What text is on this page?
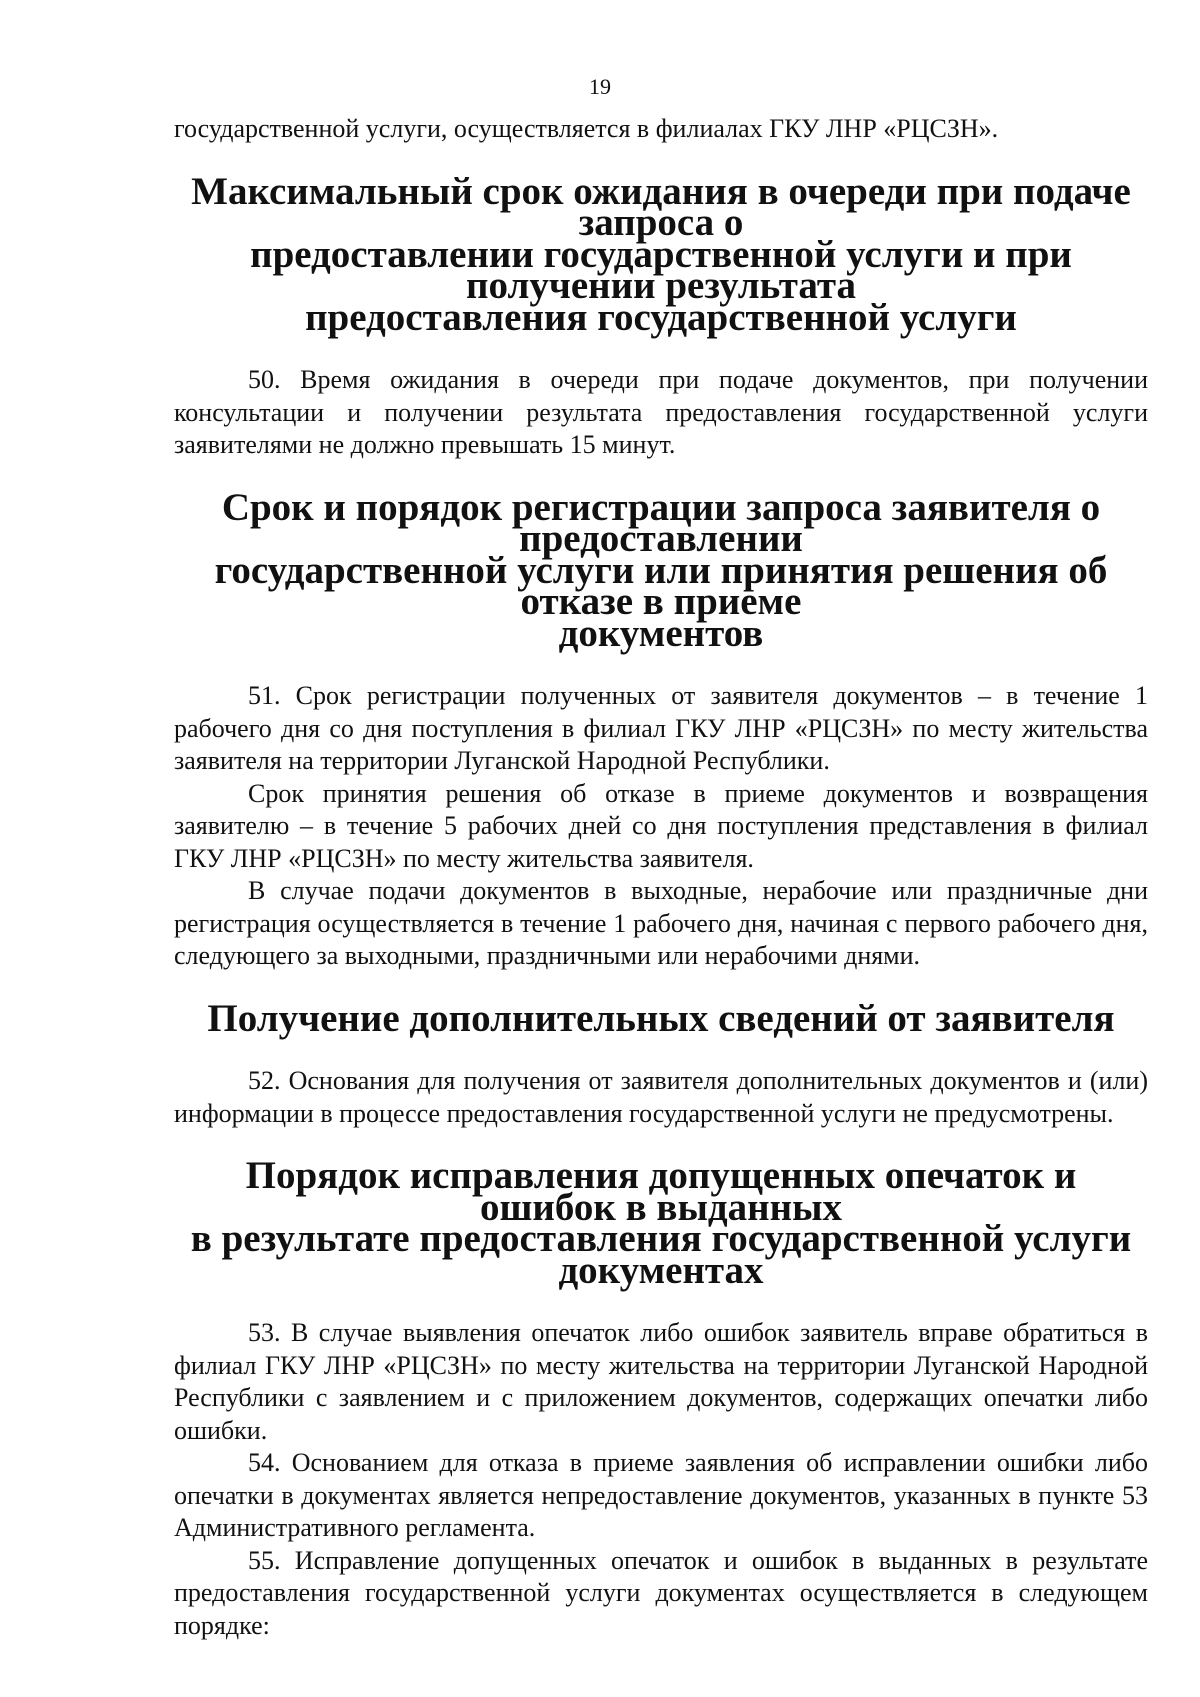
19

государственной услуги, осуществляется в филиалах ГКУ ЛНР «РЦСЗН».

Максимальный срок ожидания в очереди при подаче запроса о
предоставлении государственной услуги и при получении результата
предоставления государственной услуги

50. Время ожидания в очереди при подаче документов, при получении консультации и получении результата предоставления государственной услуги заявителями не должно превышать 15 минут.

Срок и порядок регистрации запроса заявителя о предоставлении
государственной услуги или принятия решения об отказе в приеме
документов

51. Срок регистрации полученных от заявителя документов – в течение 1 рабочего дня со дня поступления в филиал ГКУ ЛНР «РЦСЗН» по месту жительства заявителя на территории Луганской Народной Республики.

Срок принятия решения об отказе в приеме документов и возвращения заявителю – в течение 5 рабочих дней со дня поступления представления в филиал ГКУ ЛНР «РЦСЗН» по месту жительства заявителя.

В случае подачи документов в выходные, нерабочие или праздничные дни регистрация осуществляется в течение 1 рабочего дня, начиная с первого рабочего дня, следующего за выходными, праздничными или нерабочими днями.

Получение дополнительных сведений от заявителя

52. Основания для получения от заявителя дополнительных документов и (или) информации в процессе предоставления государственной услуги не предусмотрены.

Порядок исправления допущенных опечаток и ошибок в выданных
в результате предоставления государственной услуги документах

53. В случае выявления опечаток либо ошибок заявитель вправе обратиться в филиал ГКУ ЛНР «РЦСЗН» по месту жительства на территории Луганской Народной Республики с заявлением и с приложением документов, содержащих опечатки либо ошибки.

54. Основанием для отказа в приеме заявления об исправлении ошибки либо опечатки в документах является непредоставление документов, указанных в пункте 53 Административного регламента.

55. Исправление допущенных опечаток и ошибок в выданных в результате предоставления государственной услуги документах осуществляется в следующем порядке:
